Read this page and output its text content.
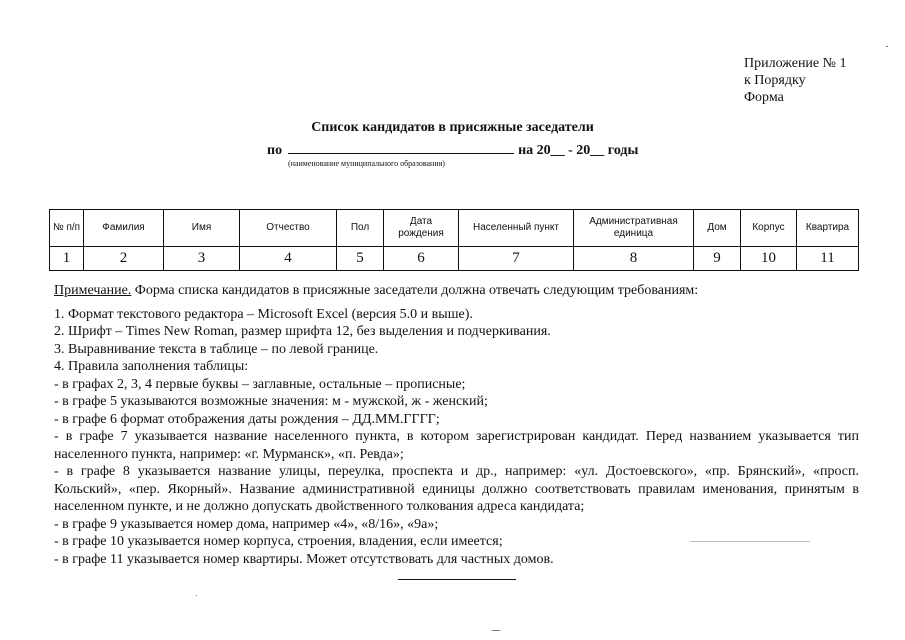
Приложение № 1
к Порядку
Форма
Список кандидатов в присяжные заседатели
по	на 20__ - 20__ годы
(наименование муниципального образования)
№ п/п	Фамилия	Имя	Отчество	Пол	Дата рождения	Населенный пункт	Административная единица	Дом	Корпус	Квартира
1	2	3	4	5	6	7	8	9	10	11

Примечание. Форма списка кандидатов в присяжные заседатели должна отвечать следующим требованиям:

1. Формат текстового редактора – Microsoft Excel (версия 5.0 и выше).

2. Шрифт – Times New Roman, размер шрифта 12, без выделения и подчеркивания.

3. Выравнивание текста в таблице – по левой границе.

4. Правила заполнения таблицы:

- в графах 2, 3, 4 первые буквы – заглавные, остальные – прописные;

- в графе 5 указываются возможные значения: м - мужской, ж - женский;

- в графе 6 формат отображения даты рождения – ДД.ММ.ГГГГ;

- в графе 7 указывается название населенного пункта, в котором зарегистрирован кандидат. Перед названием указывается тип населенного пункта, например: «г. Мурманск», «п. Ревда»;

- в графе 8 указывается название улицы, переулка, проспекта и др., например: «ул. Достоевского», «пр. Брянский», «просп. Кольский», «пер. Якорный». Название административной единицы должно соответствовать правилам именования, принятым в населенном пункте, и не должно допускать двойственного толкования адреса кандидата;

- в графе 9 указывается номер дома, например «4», «8/16», «9а»;

- в графе 10 указывается номер корпуса, строения, владения, если имеется;

- в графе 11 указывается номер квартиры. Может отсутствовать для частных домов.
